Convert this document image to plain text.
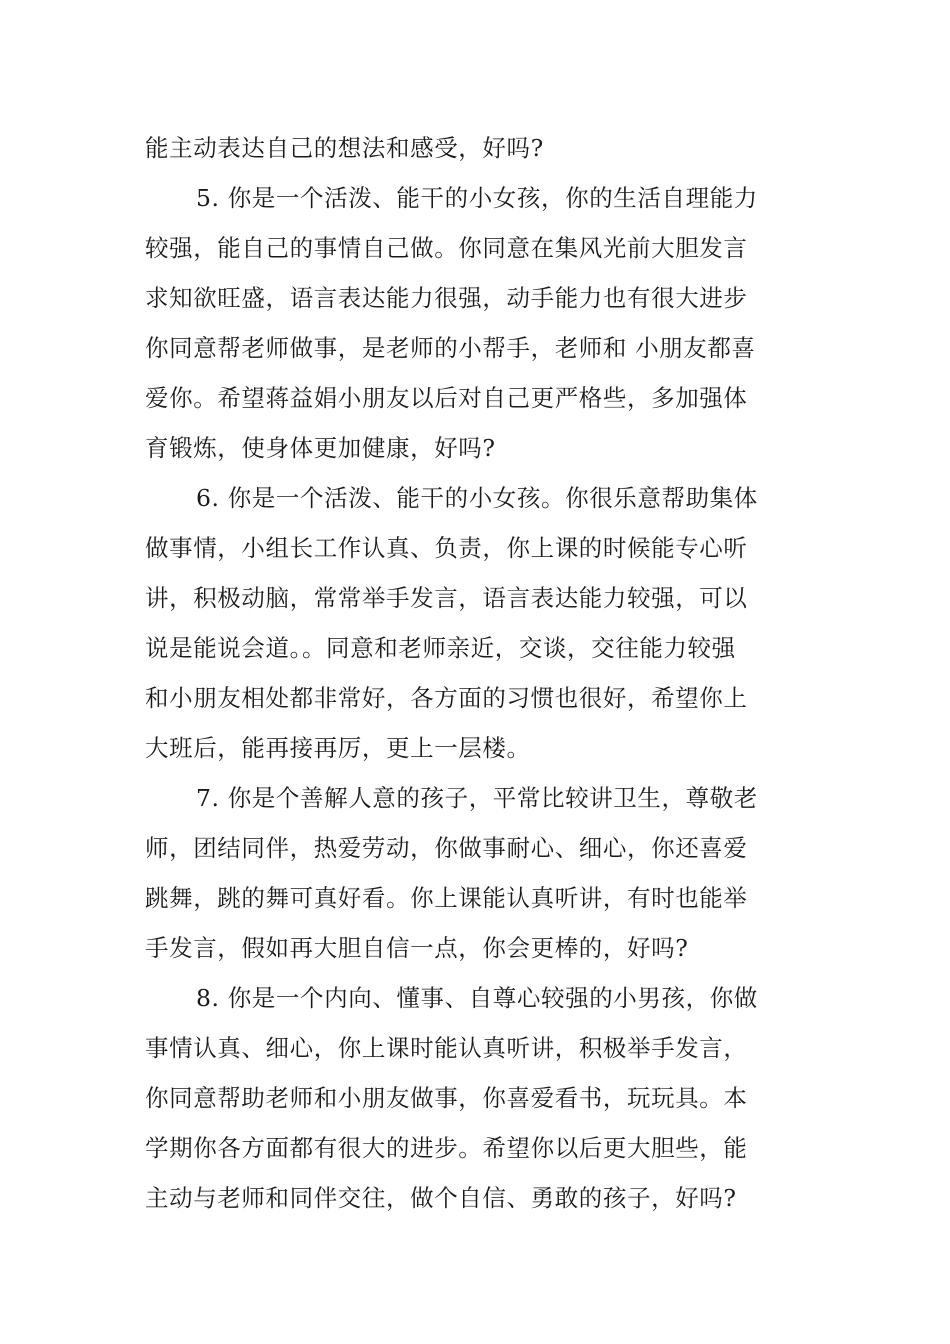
能主动表达自己的想法和感受，好吗?
5. 你是一个活泼、能干的小女孩，你的生活自理能力
较强，能自己的事情自己做。你同意在集风光前大胆发言
求知欲旺盛，语言表达能力很强，动手能力也有很大进步
你同意帮老师做事，是老师的小帮手，老师和 小朋友都喜
爱你。希望蒋益娟小朋友以后对自己更严格些，多加强体
育锻炼，使身体更加健康，好吗?
6. 你是一个活泼、能干的小女孩。你很乐意帮助集体
做事情，小组长工作认真、负责，你上课的时候能专心听
讲，积极动脑，常常举手发言，语言表达能力较强，可以
说是能说会道。。同意和老师亲近，交谈，交往能力较强
和小朋友相处都非常好，各方面的习惯也很好，希望你上
大班后，能再接再厉，更上一层楼。
7. 你是个善解人意的孩子，平常比较讲卫生，尊敬老
师，团结同伴，热爱劳动，你做事耐心、细心，你还喜爱
跳舞，跳的舞可真好看。你上课能认真听讲，有时也能举
手发言，假如再大胆自信一点，你会更棒的，好吗?
8. 你是一个内向、懂事、自尊心较强的小男孩，你做
事情认真、细心，你上课时能认真听讲，积极举手发言，
你同意帮助老师和小朋友做事，你喜爱看书，玩玩具。本
学期你各方面都有很大的进步。希望你以后更大胆些，能
主动与老师和同伴交往，做个自信、勇敢的孩子，好吗?
